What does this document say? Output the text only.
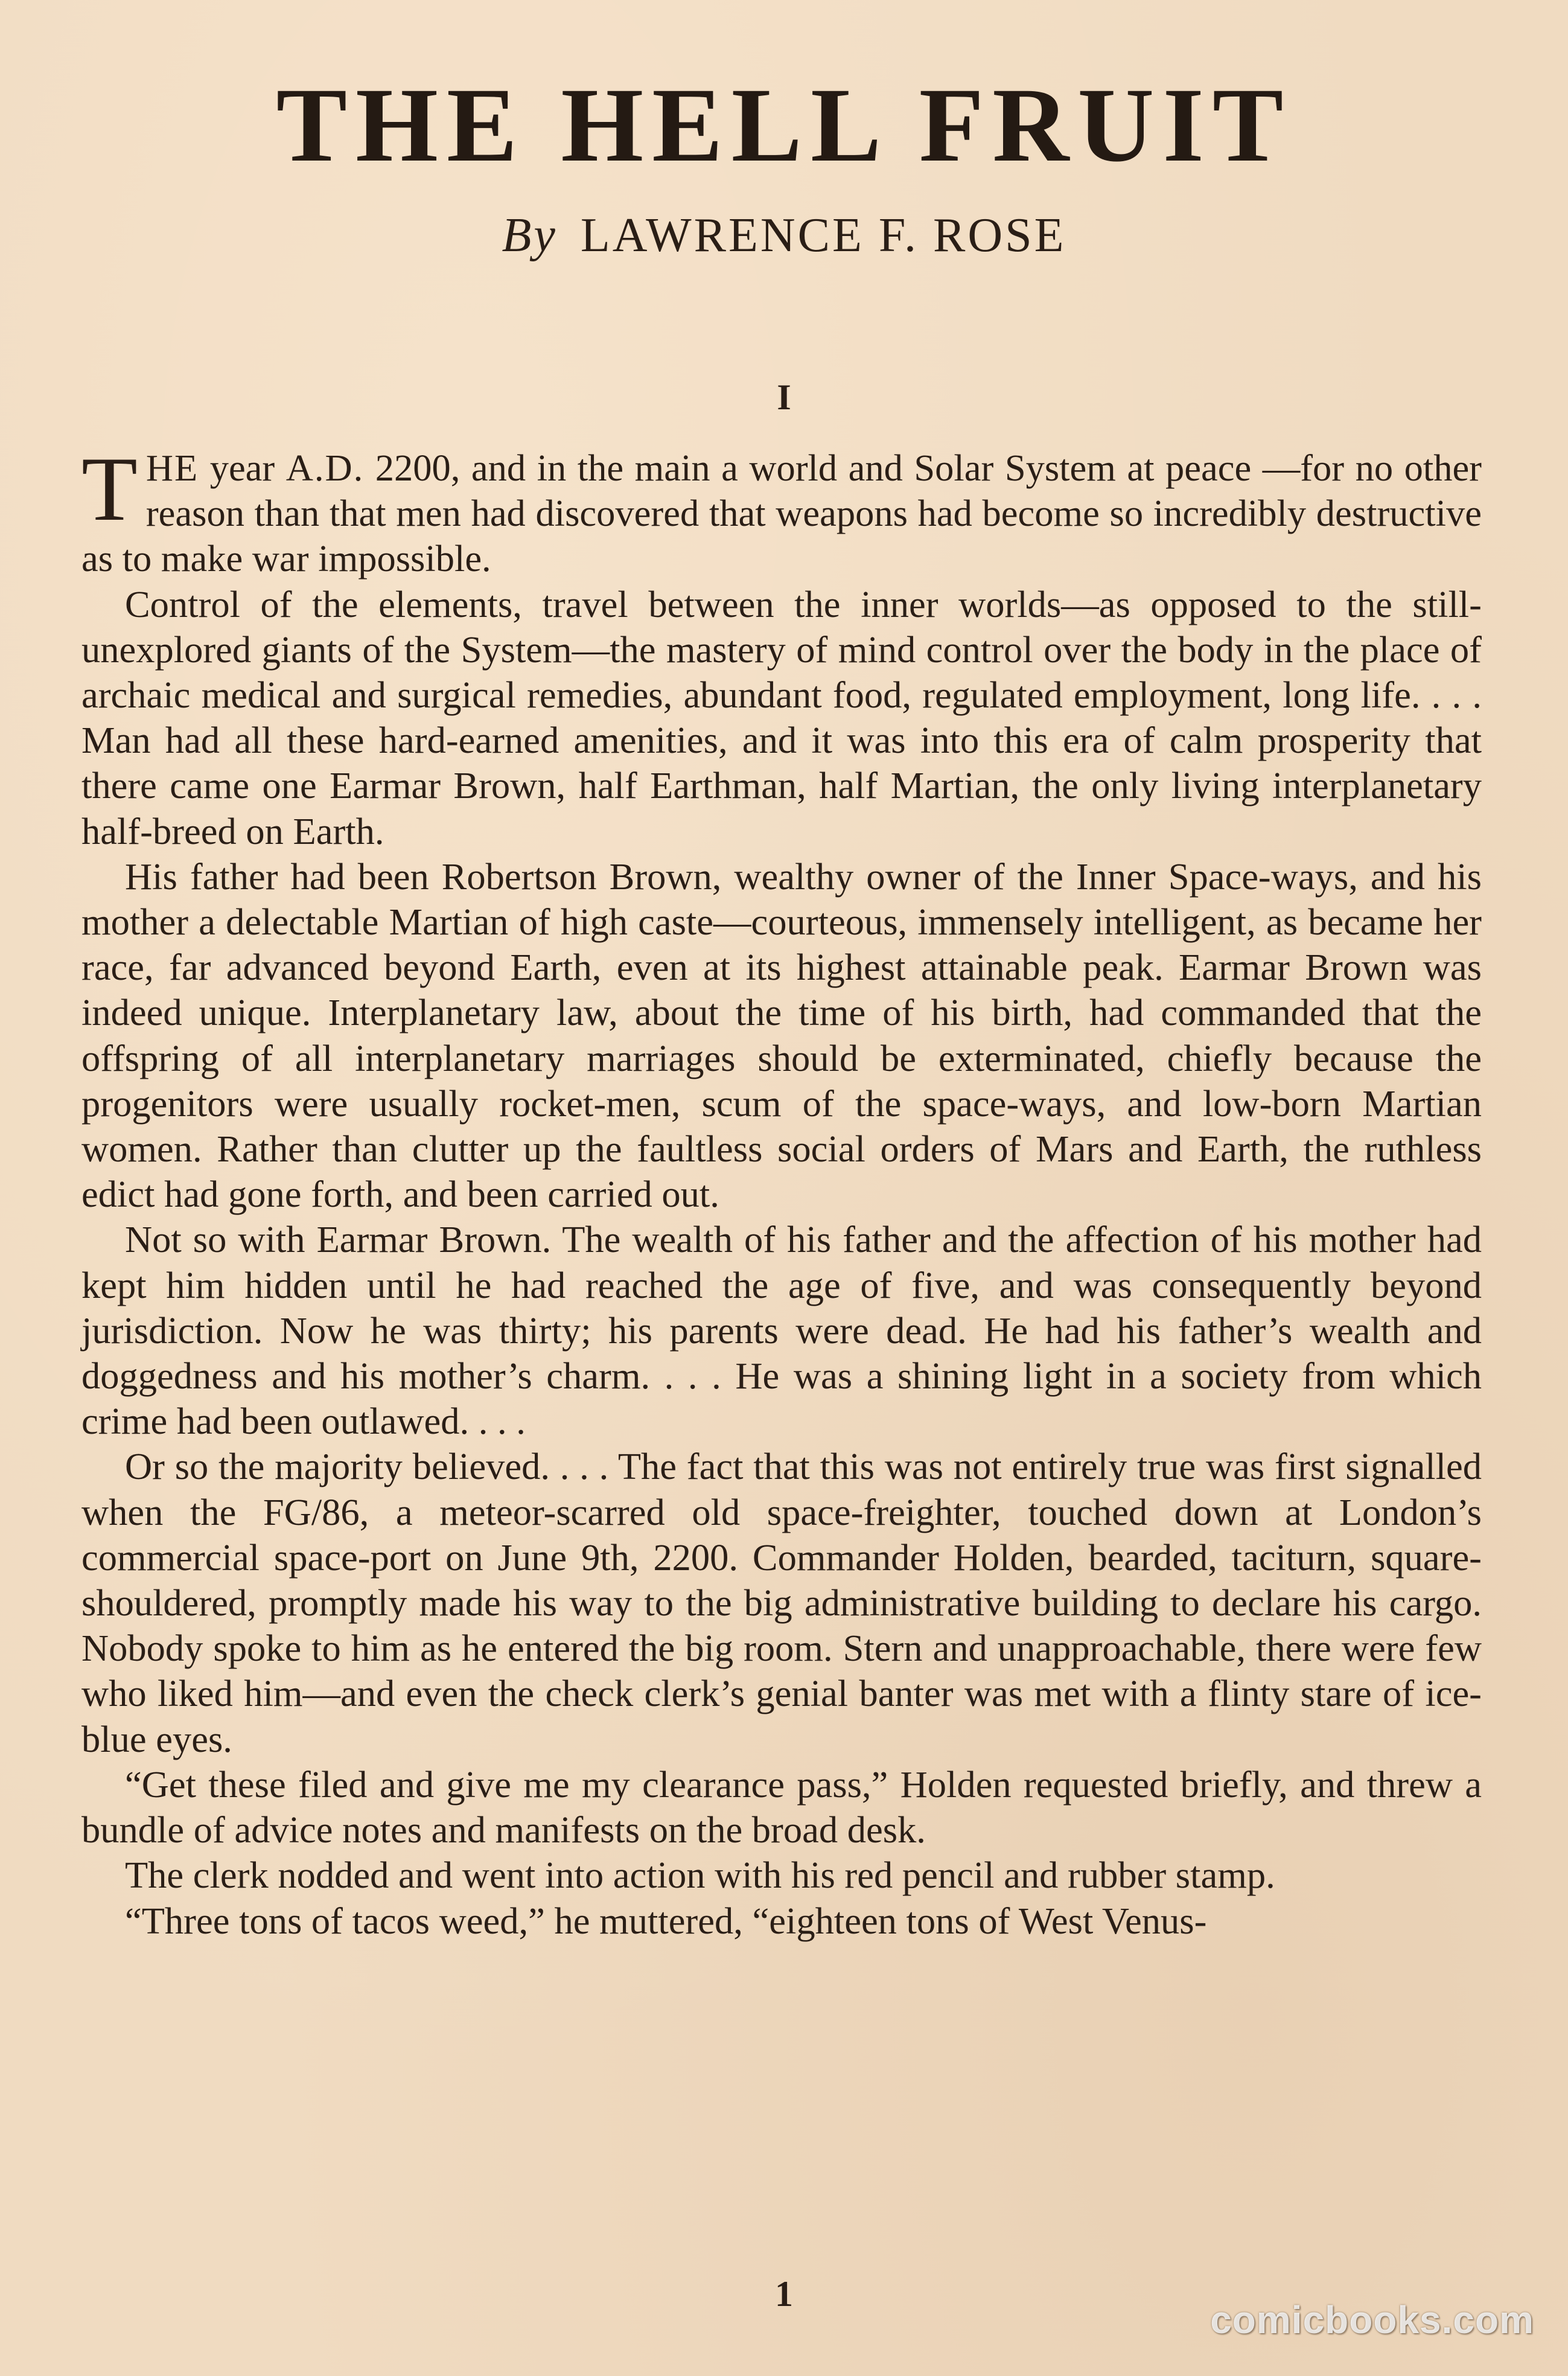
THE HELL FRUIT
By LAWRENCE F. ROSE
I

THE year A.D. 2200, and in the main a world and Solar System at peace —for no other reason than that men had discovered that weapons had become so incredibly destructive as to make war impossible.

Control of the elements, travel between the inner worlds—as opposed to the still-unexplored giants of the System—the mastery of mind control over the body in the place of archaic medical and surgical remedies, abundant food, regulated employment, long life. . . . Man had all these hard-earned amenities, and it was into this era of calm prosperity that there came one Earmar Brown, half Earthman, half Martian, the only living interplanetary half-breed on Earth.

His father had been Robertson Brown, wealthy owner of the Inner Space-ways, and his mother a delectable Martian of high caste—courteous, immensely intelligent, as became her race, far advanced beyond Earth, even at its highest attainable peak. Earmar Brown was indeed unique. Interplanetary law, about the time of his birth, had commanded that the offspring of all interplanetary marriages should be exterminated, chiefly because the progenitors were usually rocket-men, scum of the space-ways, and low-born Martian women. Rather than clutter up the faultless social orders of Mars and Earth, the ruthless edict had gone forth, and been carried out.

Not so with Earmar Brown. The wealth of his father and the affection of his mother had kept him hidden until he had reached the age of five, and was consequently beyond jurisdiction. Now he was thirty; his parents were dead. He had his father’s wealth and doggedness and his mother’s charm. . . . He was a shining light in a society from which crime had been outlawed. . . .

Or so the majority believed. . . . The fact that this was not entirely true was first signalled when the FG/86, a meteor-scarred old space-freighter, touched down at London’s commercial space-port on June 9th, 2200. Commander Holden, bearded, taciturn, square-shouldered, promptly made his way to the big administrative building to declare his cargo. Nobody spoke to him as he entered the big room. Stern and unapproachable, there were few who liked him—and even the check clerk’s genial banter was met with a flinty stare of ice-blue eyes.

“Get these filed and give me my clearance pass,” Holden requested briefly, and threw a bundle of advice notes and manifests on the broad desk.

The clerk nodded and went into action with his red pencil and rubber stamp.

“Three tons of tacos weed,” he muttered, “eighteen tons of West Venus-

1
comicbooks.com
